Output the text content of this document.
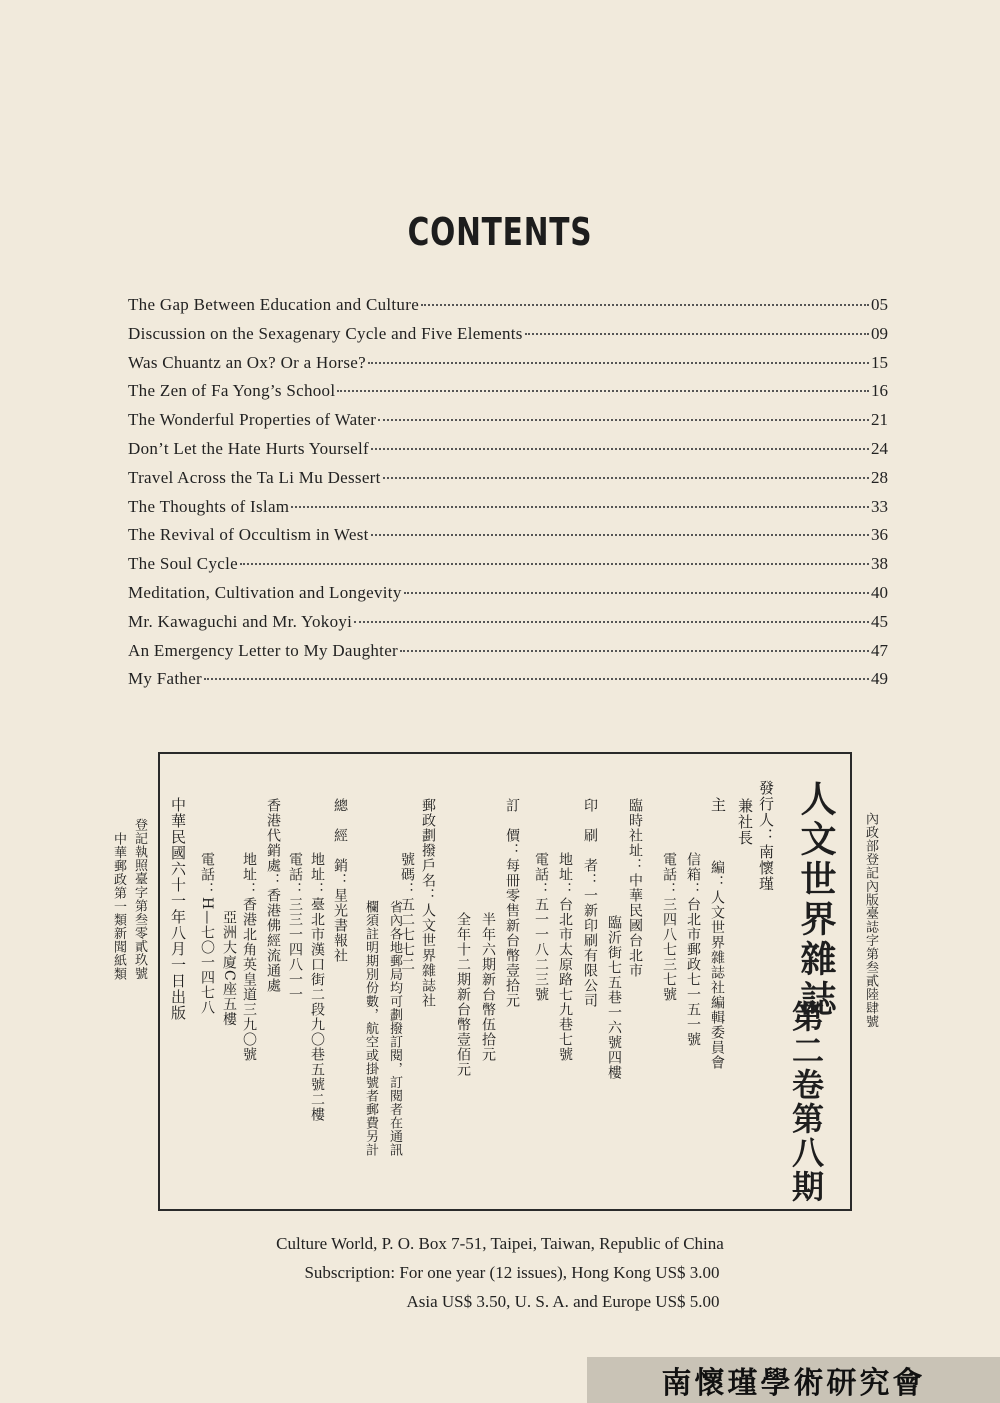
CONTENTS
The Gap Between Education and Culture	05
Discussion on the Sexagenary Cycle and Five Elements	09
Was Chuantz an Ox? Or a Horse?	15
The Zen of Fa Yong’s School	16
The Wonderful Properties of Water	21
Don’t Let the Hate Hurts Yourself	24
Travel Across the Ta Li Mu Dessert	28
The Thoughts of Islam	33
The Revival of Occultism in West	36
The Soul Cycle	38
Meditation, Cultivation and Longevity	40
Mr. Kawaguchi and Mr. Yokoyi	45
An Emergency Letter to My Daughter	47
My Father	49
內政部登記內版臺誌字第叁貳陸肆號
登記執照臺字第叁零貳玖號
中華郵政第一類新聞紙類	人文世界雜誌
第二卷第八期
發行人：南懷瑾
兼社長
主
編：人文世界雜誌社編輯委員會
信箱：台北市郵政七一五一號
電話：三四八七三七號
臨時社址：中華民國台北市
臨沂街七五巷一六號四樓
印　刷　者：一新印刷有限公司
地址：台北市太原路七九巷七號
電話：五一一八二三號
訂　價：每冊零售新台幣壹拾元
半年六期新台幣伍拾元
全年十二期新台幣壹佰元
郵政劃撥戶名：人文世界雜誌社
號碼：五二七七二
省內各地郵局均可劃撥訂閱，訂閱者在通訊
欄須註明期別份數，航空或掛號者郵費另計
總　經　銷：星光書報社
地址：臺北市漢口街二段九〇巷五號二樓
電話：三三一四八一一
香港代銷處：香港佛經流通處
地址：香港北角英皇道三九〇號
亞洲大廈C座五樓
電話：H—七〇一四七八
中華民國六十一年八月一日出版
Culture World, P. O. Box 7-51, Taipei, Taiwan, Republic of China
Subscription: For one year (12 issues), Hong Kong US$ 3.00
Asia US$ 3.50, U. S. A. and Europe US$ 5.00
南懷瑾學術研究會
